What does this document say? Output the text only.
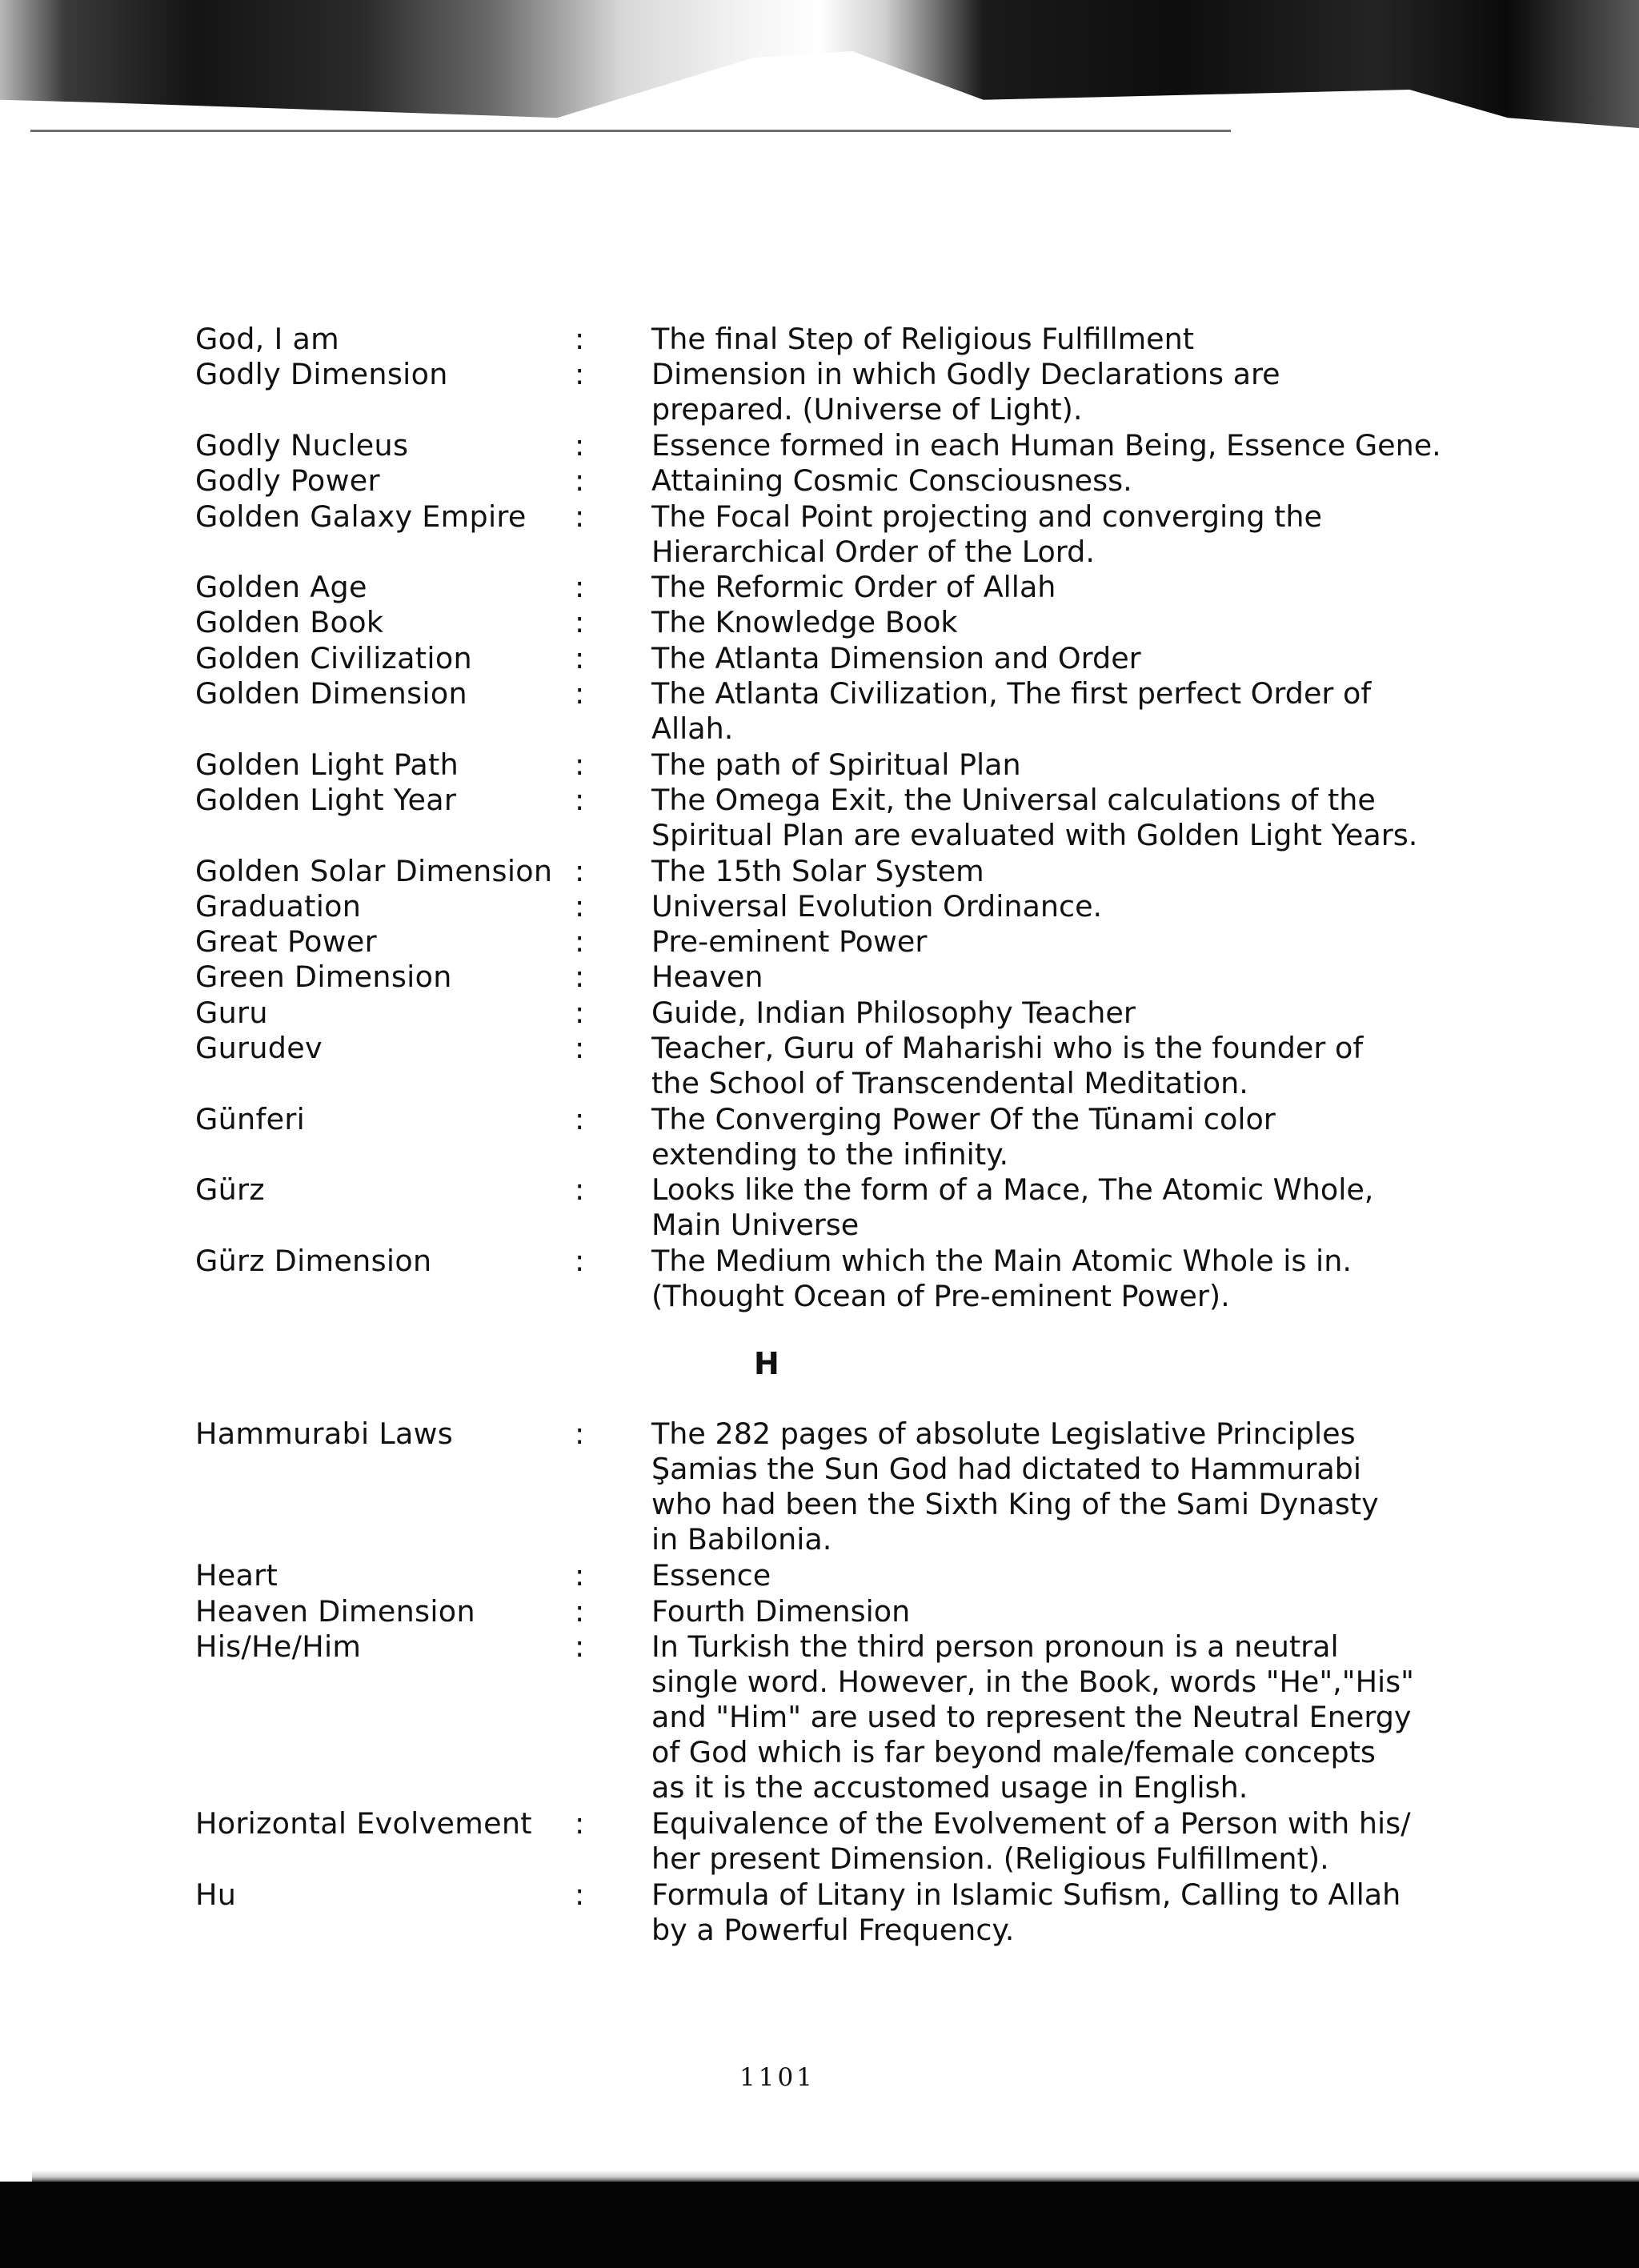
God, I am	: The final Step of Religious Fulfillment
Godly Dimension	: Dimension in which Godly Declarations are
prepared. (Universe of Light).
Godly Nucleus	: Essence formed in each Human Being, Essence Gene.
Godly Power	: Attaining Cosmic Consciousness.
Golden Galaxy Empire : The Focal Point projecting and converging the
Hierarchical Order of the Lord.
Golden Age	: The Reformic Order of Allah
Golden Book	: The Knowledge Book
Golden Civilization	: The Atlanta Dimension and Order
Golden Dimension	: The Atlanta Civilization, The first perfect Order of
Allah.
Golden Light Path	: The path of Spiritual Plan
Golden Light Year	: The Omega Exit, the Universal calculations of the
Spiritual Plan are evaluated with Golden Light Years.
Golden Solar Dimension : The 15th Solar System
Graduation	: Universal Evolution Ordinance.
Great Power	: Pre-eminent Power
Green Dimension	: Heaven
Guru	: Guide, Indian Philosophy Teacher
Gurudev	: Teacher, Guru of Maharishi who is the founder of
the School of Transcendental Meditation.
Günferi	: The Converging Power Of the Tünami color
extending to the infinity.
Gürz	: Looks like the form of a Mace, The Atomic Whole,
Main Universe
Gürz Dimension	: The Medium which the Main Atomic Whole is in.
(Thought Ocean of Pre-eminent Power).
Hammurabi Laws	: The 282 pages of absolute Legislative Principles
Şamias the Sun God had dictated to Hammurabi
who had been the Sixth King of the Sami Dynasty
in Babilonia.
Heart	: Essence
Heaven Dimension	: Fourth Dimension
His/He/Him	: In Turkish the third person pronoun is a neutral
single word. However, in the Book, words "He","His"
and "Him" are used to represent the Neutral Energy
of God which is far beyond male/female concepts
as it is the accustomed usage in English.
Horizontal Evolvement : Equivalence of the Evolvement of a Person with his/
her present Dimension. (Religious Fulfillment).
Hu	: Formula of Litany in Islamic Sufism, Calling to Allah
by a Powerful Frequency.
H
1101
